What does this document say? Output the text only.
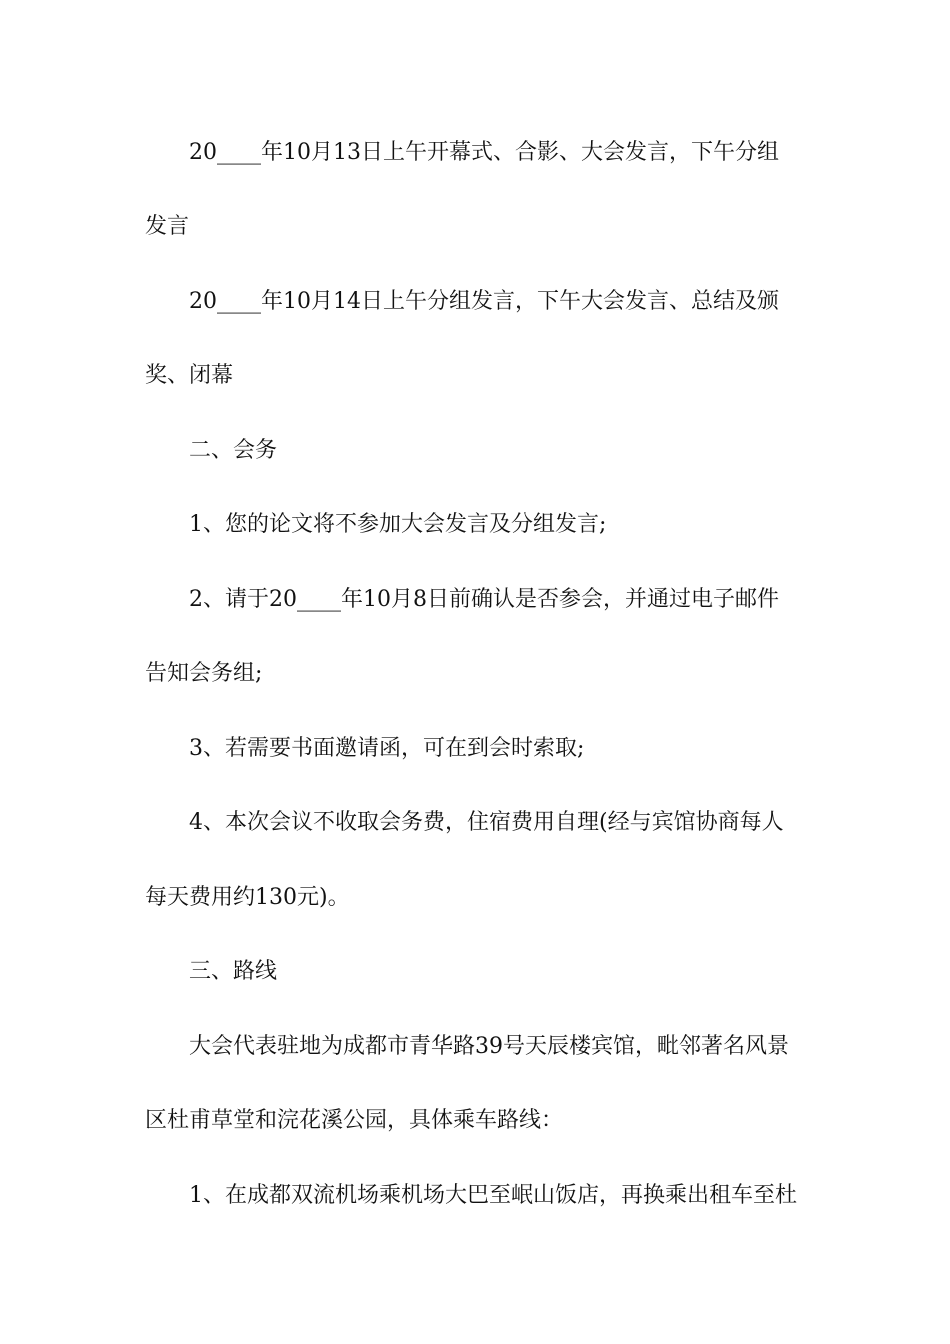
20____年10月13日上午开幕式、合影、大会发言，下午分组

发言

20____年10月14日上午分组发言，下午大会发言、总结及颁

奖、闭幕

二、会务

1、您的论文将不参加大会发言及分组发言;

2、请于20____年10月8日前确认是否参会，并通过电子邮件

告知会务组;

3、若需要书面邀请函，可在到会时索取;

4、本次会议不收取会务费，住宿费用自理(经与宾馆协商每人

每天费用约130元)。

三、路线

大会代表驻地为成都市青华路39号天辰楼宾馆，毗邻著名风景

区杜甫草堂和浣花溪公园，具体乘车路线：

1、在成都双流机场乘机场大巴至岷山饭店，再换乘出租车至杜
